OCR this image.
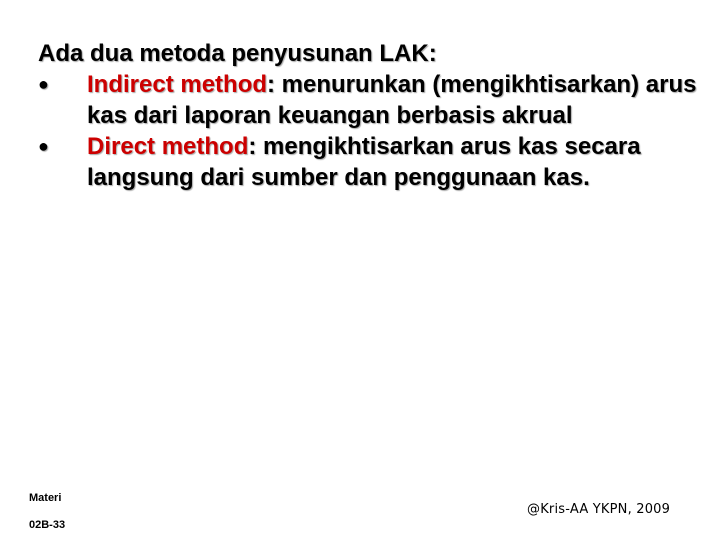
Ada dua metoda penyusunan LAK:

● Indirect method: menurunkan (mengikhtisarkan) arus kas dari laporan keuangan berbasis akrual
● Direct method: mengikhtisarkan arus kas secara langsung dari sumber dan penggunaan kas.
Materi
02B-33
@Kris-AA YKPN, 2009
